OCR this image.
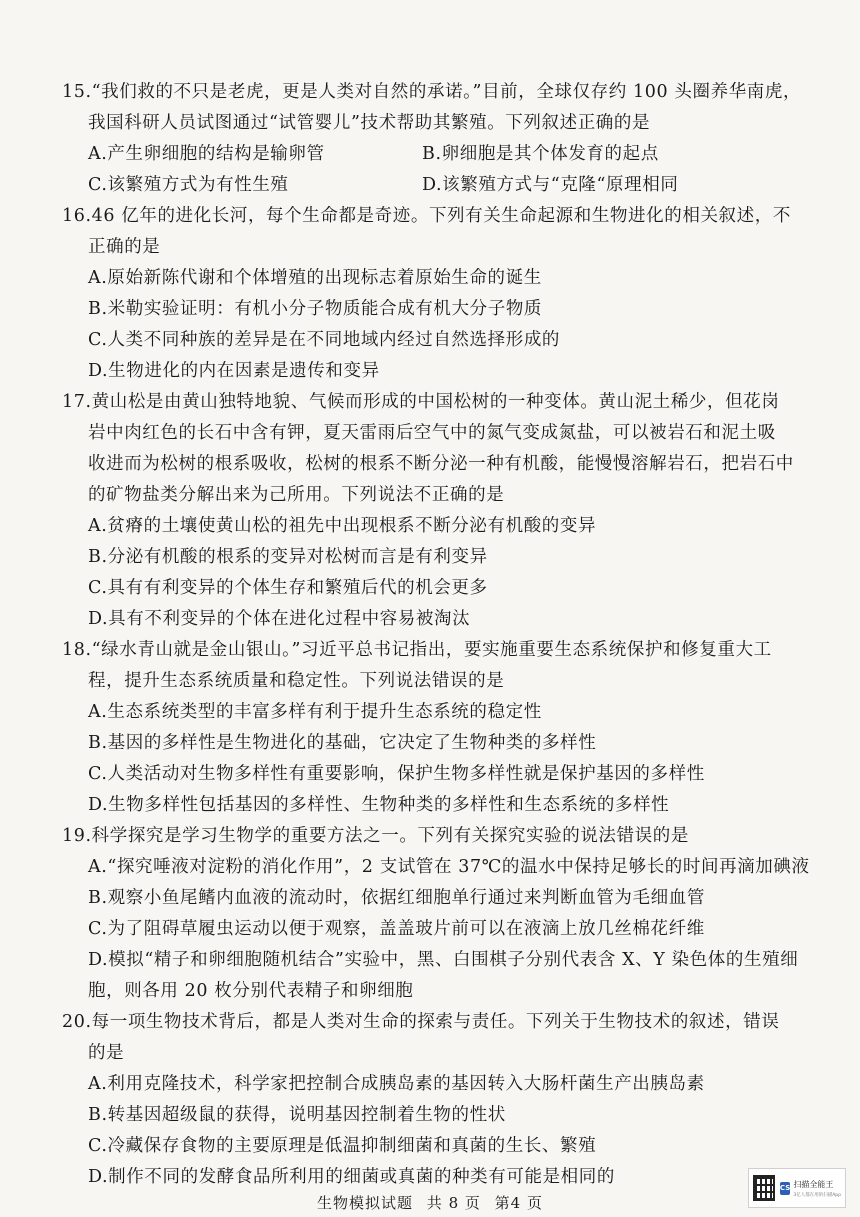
15.“我们救的不只是老虎，更是人类对自然的承诺。”目前，全球仅存约 100 头圈养华南虎，
我国科研人员试图通过“试管婴儿”技术帮助其繁殖。下列叙述正确的是
A.产生卵细胞的结构是输卵管	B.卵细胞是其个体发育的起点
C.该繁殖方式为有性生殖	D.该繁殖方式与“克隆“原理相同
16.46 亿年的进化长河，每个生命都是奇迹。下列有关生命起源和生物进化的相关叙述，不
正确的是
A.原始新陈代谢和个体增殖的出现标志着原始生命的诞生
B.米勒实验证明：有机小分子物质能合成有机大分子物质
C.人类不同种族的差异是在不同地域内经过自然选择形成的
D.生物进化的内在因素是遗传和变异
17.黄山松是由黄山独特地貌、气候而形成的中国松树的一种变体。黄山泥土稀少，但花岗
岩中肉红色的长石中含有钾，夏天雷雨后空气中的氮气变成氮盐，可以被岩石和泥土吸
收进而为松树的根系吸收，松树的根系不断分泌一种有机酸，能慢慢溶解岩石，把岩石中
的矿物盐类分解出来为己所用。下列说法不正确的是
A.贫瘠的土壤使黄山松的祖先中出现根系不断分泌有机酸的变异
B.分泌有机酸的根系的变异对松树而言是有利变异
C.具有有利变异的个体生存和繁殖后代的机会更多
D.具有不利变异的个体在进化过程中容易被淘汰
18.“绿水青山就是金山银山。”习近平总书记指出，要实施重要生态系统保护和修复重大工
程，提升生态系统质量和稳定性。下列说法错误的是
A.生态系统类型的丰富多样有利于提升生态系统的稳定性
B.基因的多样性是生物进化的基础，它决定了生物种类的多样性
C.人类活动对生物多样性有重要影响，保护生物多样性就是保护基因的多样性
D.生物多样性包括基因的多样性、生物种类的多样性和生态系统的多样性
19.科学探究是学习生物学的重要方法之一。下列有关探究实验的说法错误的是
A.“探究唾液对淀粉的消化作用”，2 支试管在 37℃的温水中保持足够长的时间再滴加碘液
B.观察小鱼尾鳍内血液的流动时，依据红细胞单行通过来判断血管为毛细血管
C.为了阻碍草履虫运动以便于观察，盖盖玻片前可以在液滴上放几丝棉花纤维
D.模拟“精子和卵细胞随机结合”实验中，黑、白围棋子分别代表含 X、Y 染色体的生殖细
胞，则各用 20 枚分别代表精子和卵细胞
20.每一项生物技术背后，都是人类对生命的探索与责任。下列关于生物技术的叙述，错误
的是
A.利用克隆技术，科学家把控制合成胰岛素的基因转入大肠杆菌生产出胰岛素
B.转基因超级鼠的获得，说明基因控制着生物的性状
C.冷藏保存食物的主要原理是低温抑制细菌和真菌的生长、繁殖
D.制作不同的发酵食品所利用的细菌或真菌的种类有可能是相同的
生物模拟试题 共 8 页 第4 页
CS 扫描全能王
3亿人都在用的扫描App
